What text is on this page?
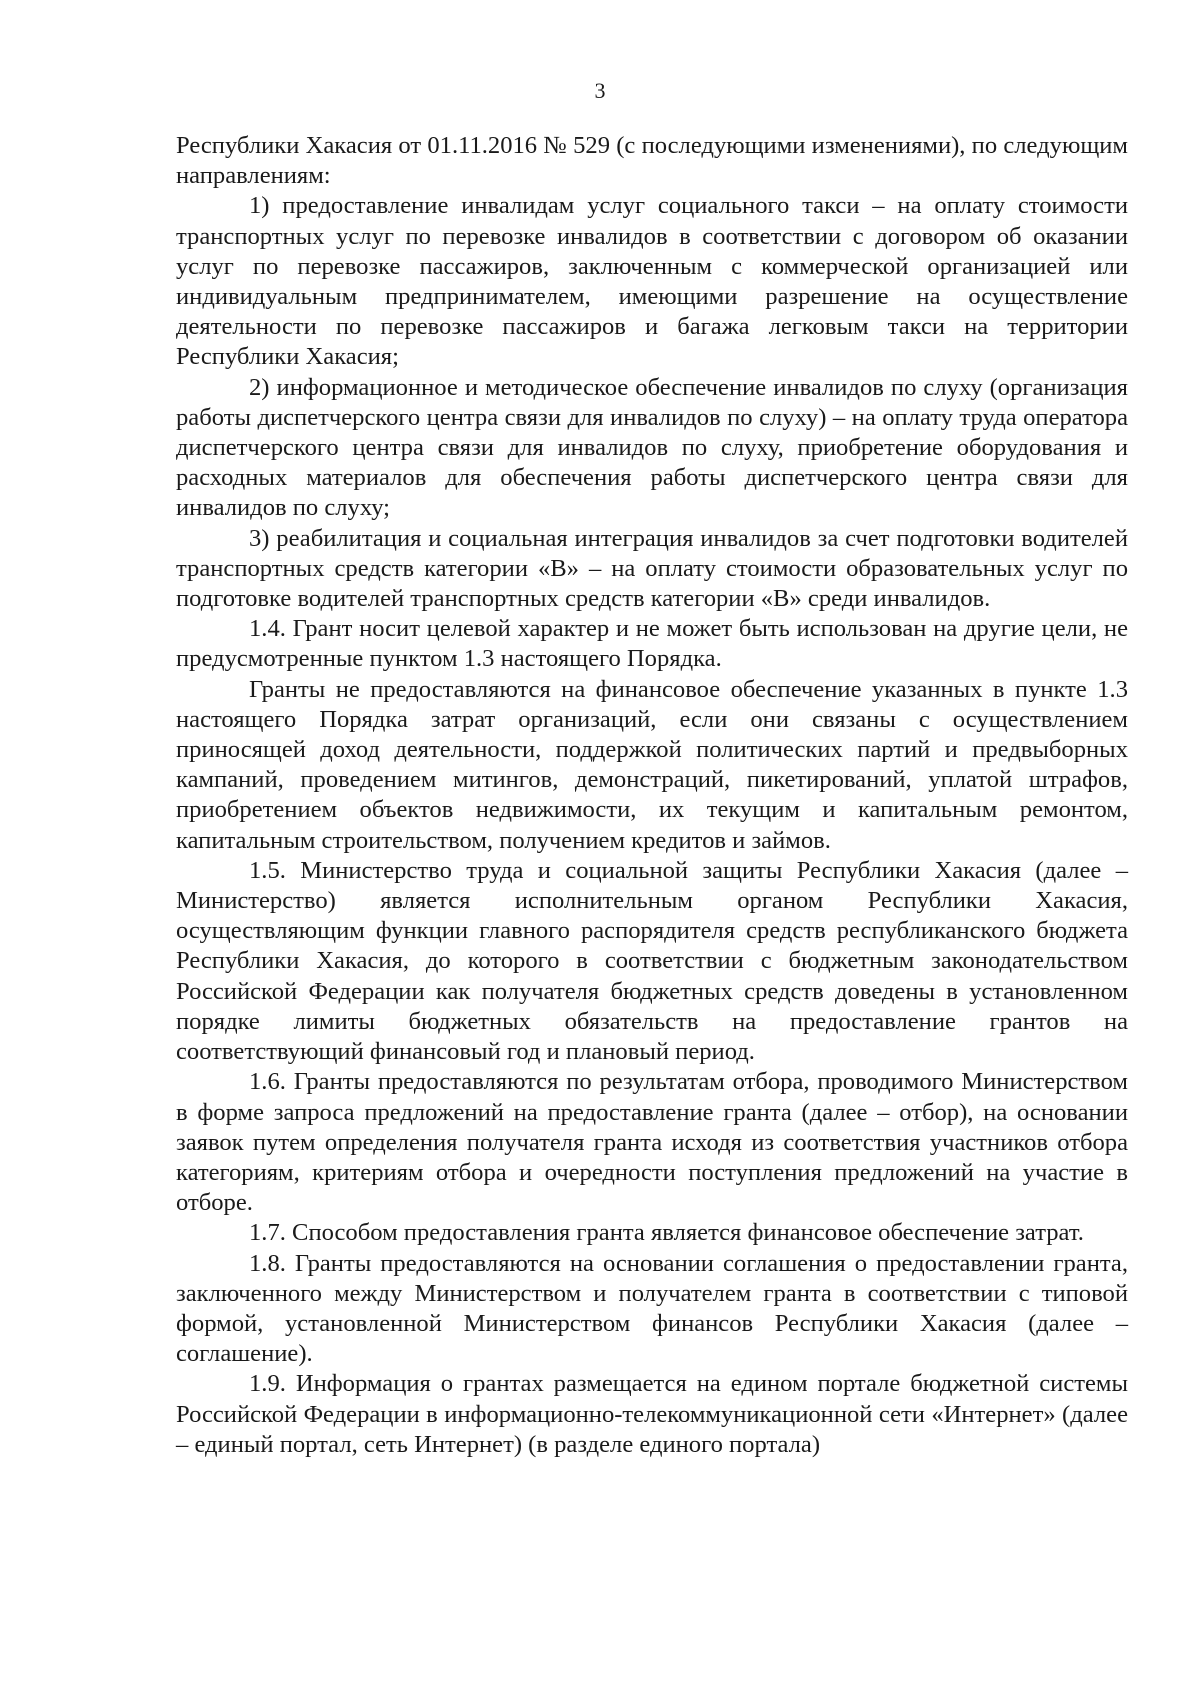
3

Республики Хакасия от 01.11.2016 № 529 (с последующими изменениями), по следующим направлениям:

1) предоставление инвалидам услуг социального такси – на оплату стоимости транспортных услуг по перевозке инвалидов в соответствии с договором об оказании услуг по перевозке пассажиров, заключенным с коммерческой организацией или индивидуальным предпринимателем, имеющими разрешение на осуществление деятельности по перевозке пассажиров и багажа легковым такси на территории Республики Хакасия;

2) информационное и методическое обеспечение инвалидов по слуху (организация работы диспетчерского центра связи для инвалидов по слуху) – на оплату труда оператора диспетчерского центра связи для инвалидов по слуху, приобретение оборудования и расходных материалов для обеспечения работы диспетчерского центра связи для инвалидов по слуху;

3) реабилитация и социальная интеграция инвалидов за счет подготовки водителей транспортных средств категории «В» – на оплату стоимости образовательных услуг по подготовке водителей транспортных средств категории «В» среди инвалидов.

1.4. Грант носит целевой характер и не может быть использован на другие цели, не предусмотренные пунктом 1.3 настоящего Порядка.

Гранты не предоставляются на финансовое обеспечение указанных в пункте 1.3 настоящего Порядка затрат организаций, если они связаны с осуществлением приносящей доход деятельности, поддержкой политических партий и предвыборных кампаний, проведением митингов, демонстраций, пикетирований, уплатой штрафов, приобретением объектов недвижимости, их текущим и капитальным ремонтом, капитальным строительством, получением кредитов и займов.

1.5. Министерство труда и социальной защиты Республики Хакасия (далее – Министерство) является исполнительным органом Республики Хакасия, осуществляющим функции главного распорядителя средств республиканского бюджета Республики Хакасия, до которого в соответствии с бюджетным законодательством Российской Федерации как получателя бюджетных средств доведены в установленном порядке лимиты бюджетных обязательств на предоставление грантов на соответствующий финансовый год и плановый период.

1.6. Гранты предоставляются по результатам отбора, проводимого Министерством в форме запроса предложений на предоставление гранта (далее – отбор), на основании заявок путем определения получателя гранта исходя из соответствия участников отбора категориям, критериям отбора и очередности поступления предложений на участие в отборе.

1.7. Способом предоставления гранта является финансовое обеспечение затрат.

1.8. Гранты предоставляются на основании соглашения о предоставлении гранта, заключенного между Министерством и получателем гранта в соответствии с типовой формой, установленной Министерством финансов Республики Хакасия (далее – соглашение).

1.9. Информация о грантах размещается на едином портале бюджетной системы Российской Федерации в информационно-телекоммуникационной сети «Интернет» (далее – единый портал, сеть Интернет) (в разделе единого портала)
